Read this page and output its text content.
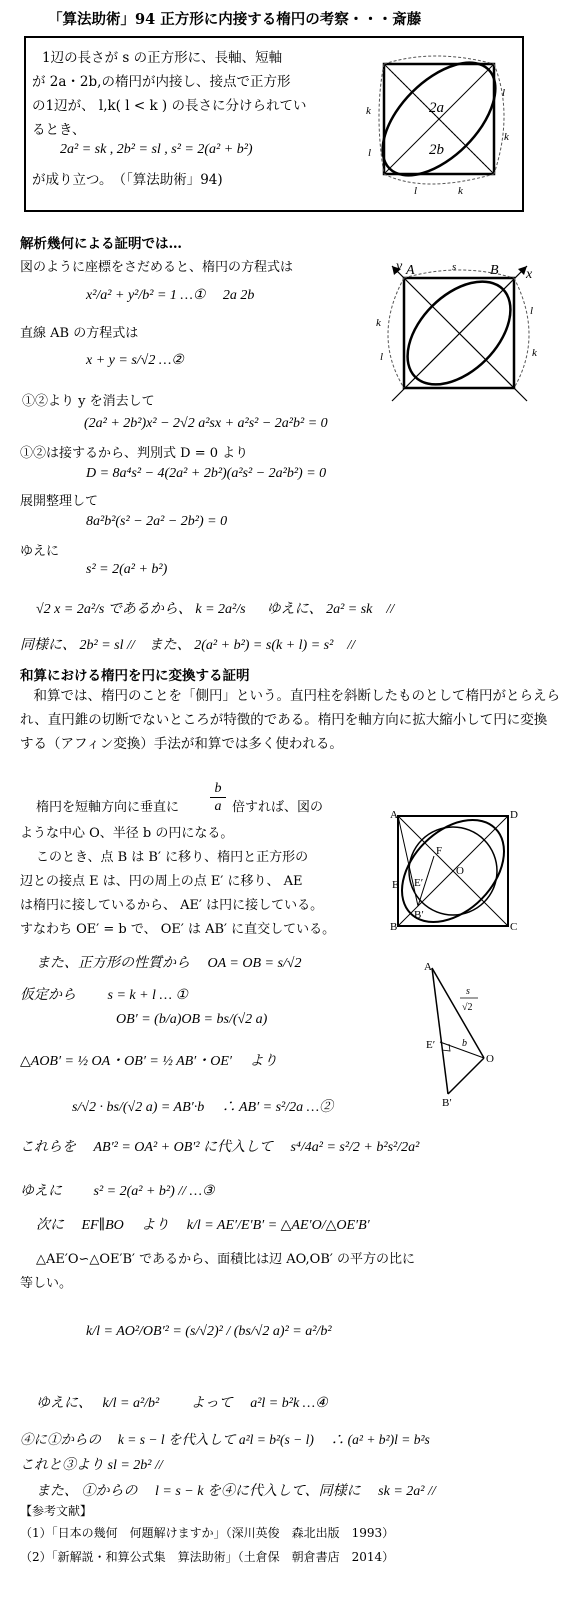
「算法助術」94 正方形に内接する楕円の考察・・・斎藤
1辺の長さが s の正方形に、長軸、短軸
が 2a・2b,の楕円が内接し、接点で正方形
の1辺が、 l,k( l < k ) の長さに分けられてい
るとき、
2a² = sk , 2b² = sl , s² = 2(a² + b²)
が成り立つ。　（「算法助術」94)
2a
2b
k
l
l
k
l	k
解析幾何による証明では…
図のように座標をさだめると、楕円の方程式は
x²/a² + y²/b² = 1 …①　 2a 2b
直線 AB の方程式は
x + y = s/√2 …②
①②より y を消去して
(2a² + 2b²)x² − 2√2 a²sx + a²s² − 2a²b² = 0
①②は接するから、判別式 D = 0 より
D = 8a⁴s² − 4(2a² + 2b²)(a²s² − 2a²b²) = 0
展開整理して
8a²b²(s² − 2a² − 2b²) = 0
ゆえに
s² = 2(a² + b²)
√2 x = 2a²/s であるから、 k = 2a²/s 　 ゆえに、 2a² = sk　//
同様に、 2b² = sl //　また、 2(a² + b²) = s(k + l) = s²　//
y A	B x
s
k
l
l
k
和算における楕円を円に変換する証明
和算では、楕円のことを「側円」という。直円柱を斜断したものとして楕円がとらえられ、直円錐の切断でないところが特徴的である。楕円を軸方向に拡大縮小して円に変換する（アフィン変換）手法が和算では多く使われる。
楕円を短軸方向に垂直に $\frac{b}{a}$ 倍すれば、図の
ような中心 O、半径 b の円になる。
このとき、点 B は B′ に移り、楕円と正方形の
辺との接点 E は、円の周上の点 E′ に移り、 AE
は楕円に接しているから、 AE′ は円に接している。
すなわち OE′ = b で、 OE′ は AB′ に直交している。
A	D
F
O
E E′
B′
B	C
また、正方形の性質から　 OA = OB = s/√2
仮定から　　 s = k + l … ①
OB′ = (b/a)OB = bs/(√2 a)
△AOB′ = ½ OA・OB′ = ½ AB′・OE′　 より
s/√2 · bs/(√2 a) = AB′·b　 ∴ AB′ = s²/2a …②
A
s
√2
E′	b
O
B′
これらを　 AB′² = OA² + OB′² に代入して　 s⁴/4a² = s²/2 + b²s²/2a²
ゆえに　　 s² = 2(a² + b²) // …③
次に　 EF∥BO　 より　 k/l = AE′/E′B′ = △AE′O/△OE′B′
△AE′O∽△OE′B′ であるから、面積比は辺 AO,OB′ の平方の比に
等しい。
k/l = AO²/OB′² = (s/√2)² / (bs/√2 a)² = a²/b²
ゆえに、　 k/l = a²/b²　　 よって　 a²l = b²k …④
④に①からの　 k = s − l を代入して a²l = b²(s − l)　 ∴ (a² + b²)l = b²s
これと③より sl = 2b² //
また、 ①からの　 l = s − k を④に代入して、同様に　 sk = 2a² //
【参考文献】
（1）「日本の幾何　何題解けますか」（深川英俊　森北出版　1993）
（2）「新解説・和算公式集　算法助術」（土倉保　朝倉書店　2014）
